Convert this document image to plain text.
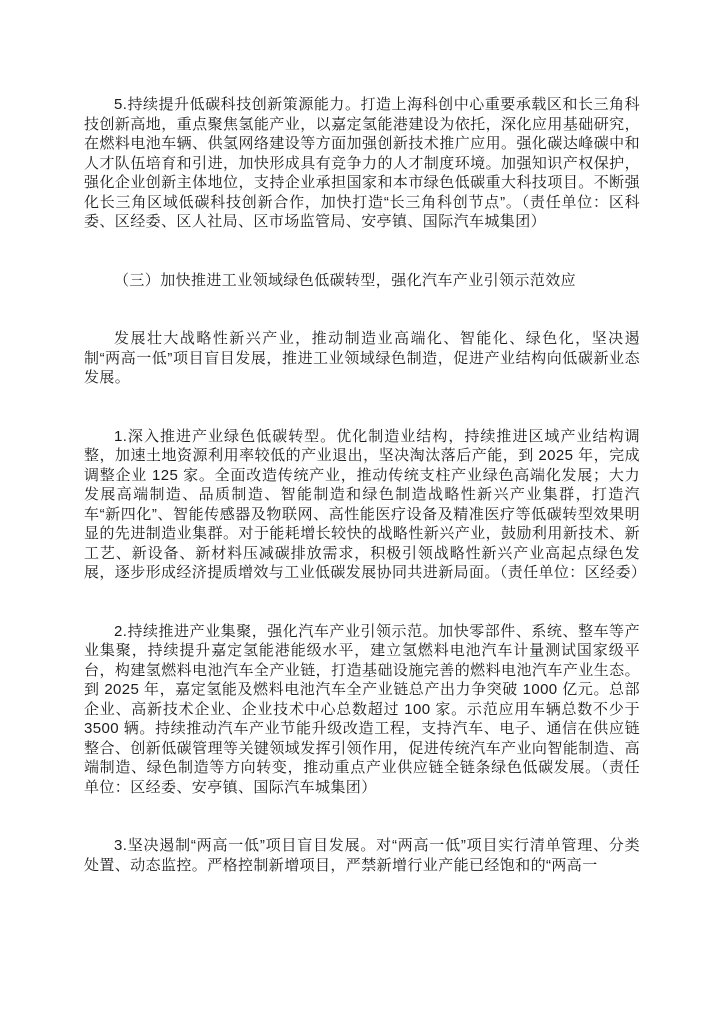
5.持续提升低碳科技创新策源能力。打造上海科创中心重要承载区和长三角科技创新高地，重点聚焦氢能产业，以嘉定氢能港建设为依托，深化应用基础研究，在燃料电池车辆、供氢网络建设等方面加强创新技术推广应用。强化碳达峰碳中和人才队伍培育和引进，加快形成具有竞争力的人才制度环境。加强知识产权保护，强化企业创新主体地位，支持企业承担国家和本市绿色低碳重大科技项目。不断强化长三角区域低碳科技创新合作，加快打造“长三角科创节点”。（责任单位：区科委、区经委、区人社局、区市场监管局、安亭镇、国际汽车城集团）

（三）加快推进工业领域绿色低碳转型，强化汽车产业引领示范效应

发展壮大战略性新兴产业，推动制造业高端化、智能化、绿色化，坚决遏制“两高一低”项目盲目发展，推进工业领域绿色制造，促进产业结构向低碳新业态发展。

1.深入推进产业绿色低碳转型。优化制造业结构，持续推进区域产业结构调整，加速土地资源利用率较低的产业退出，坚决淘汰落后产能，到 2025 年，完成调整企业 125 家。全面改造传统产业，推动传统支柱产业绿色高端化发展；大力发展高端制造、品质制造、智能制造和绿色制造战略性新兴产业集群，打造汽车“新四化”、智能传感器及物联网、高性能医疗设备及精准医疗等低碳转型效果明显的先进制造业集群。对于能耗增长较快的战略性新兴产业，鼓励利用新技术、新工艺、新设备、新材料压减碳排放需求，积极引领战略性新兴产业高起点绿色发展，逐步形成经济提质增效与工业低碳发展协同共进新局面。（责任单位：区经委）

2.持续推进产业集聚，强化汽车产业引领示范。加快零部件、系统、整车等产业集聚，持续提升嘉定氢能港能级水平，建立氢燃料电池汽车计量测试国家级平台，构建氢燃料电池汽车全产业链，打造基础设施完善的燃料电池汽车产业生态。到 2025 年，嘉定氢能及燃料电池汽车全产业链总产出力争突破 1000 亿元。总部企业、高新技术企业、企业技术中心总数超过 100 家。示范应用车辆总数不少于 3500 辆。持续推动汽车产业节能升级改造工程，支持汽车、电子、通信在供应链整合、创新低碳管理等关键领域发挥引领作用，促进传统汽车产业向智能制造、高端制造、绿色制造等方向转变，推动重点产业供应链全链条绿色低碳发展。（责任单位：区经委、安亭镇、国际汽车城集团）

3.坚决遏制“两高一低”项目盲目发展。对“两高一低”项目实行清单管理、分类处置、动态监控。严格控制新增项目，严禁新增行业产能已经饱和的“两高一
